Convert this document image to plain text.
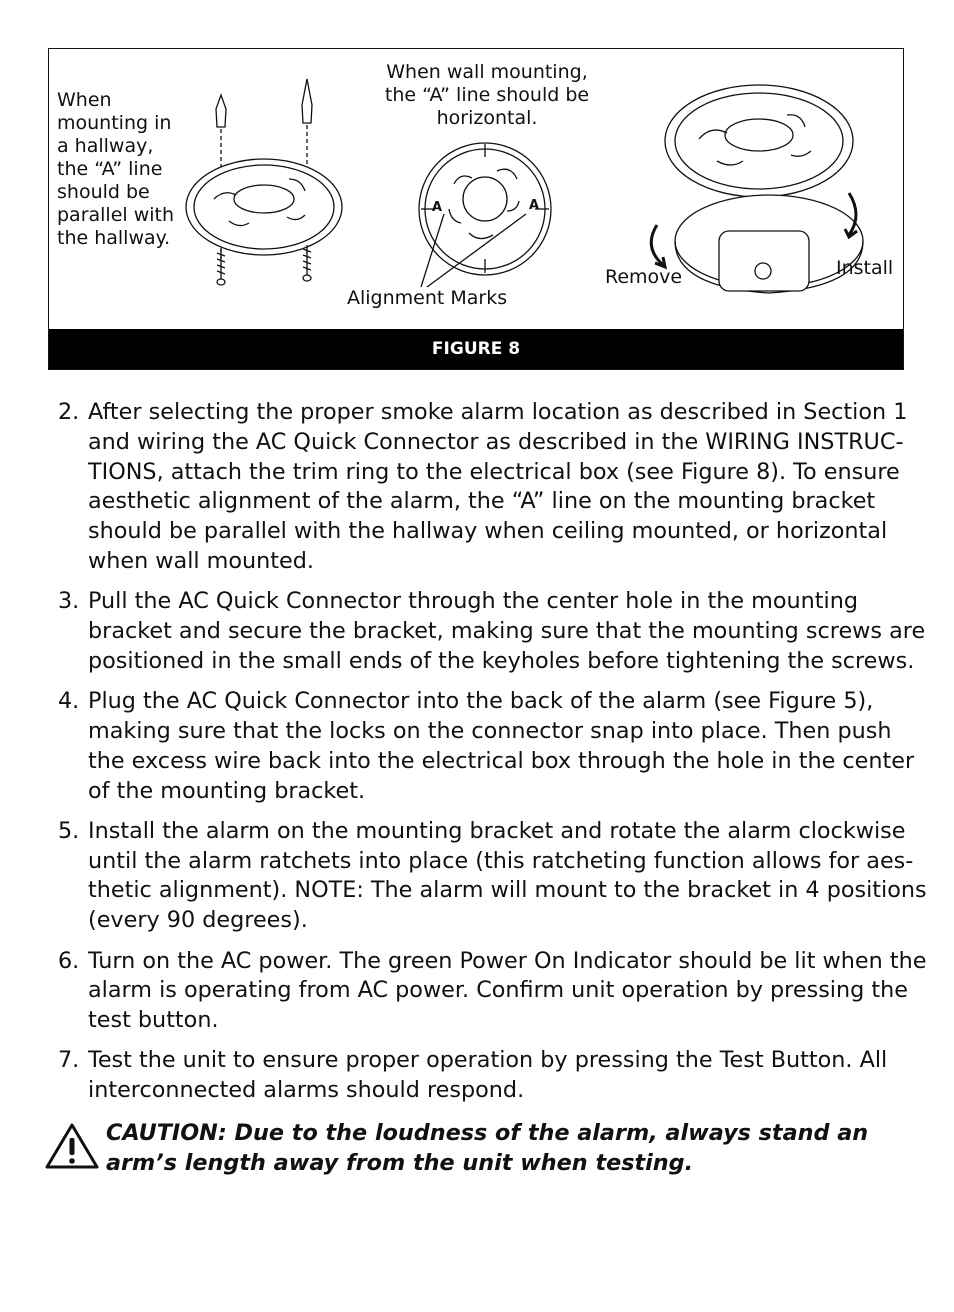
A	A
When mounting in a hallway, the “A” line should be parallel with the hallway.
When wall mounting, the “A” line should be horizontal.
Alignment Marks
Remove	Install
FIGURE 8
2. After selecting the proper smoke alarm location as described in Section 1 and wiring the AC Quick Connector as described in the WIRING INSTRUC-TIONS, attach the trim ring to the electrical box (see Figure 8). To ensure aesthetic alignment of the alarm, the “A” line on the mounting bracket should be parallel with the hallway when ceiling mounted, or horizontal when wall mounted.
3. Pull the AC Quick Connector through the center hole in the mounting bracket and secure the bracket, making sure that the mounting screws are positioned in the small ends of the keyholes before tightening the screws.
4. Plug the AC Quick Connector into the back of the alarm (see Figure 5), making sure that the locks on the connector snap into place. Then push the excess wire back into the electrical box through the hole in the center of the mounting bracket.
5. Install the alarm on the mounting bracket and rotate the alarm clockwise until the alarm ratchets into place (this ratcheting function allows for aes-thetic alignment). NOTE: The alarm will mount to the bracket in 4 positions (every 90 degrees).
6. Turn on the AC power. The green Power On Indicator should be lit when the alarm is operating from AC power. Confirm unit operation by pressing the test button.
7. Test the unit to ensure proper operation by pressing the Test Button. All interconnected alarms should respond.
CAUTION: Due to the loudness of the alarm, always stand an arm’s length away from the unit when testing.
